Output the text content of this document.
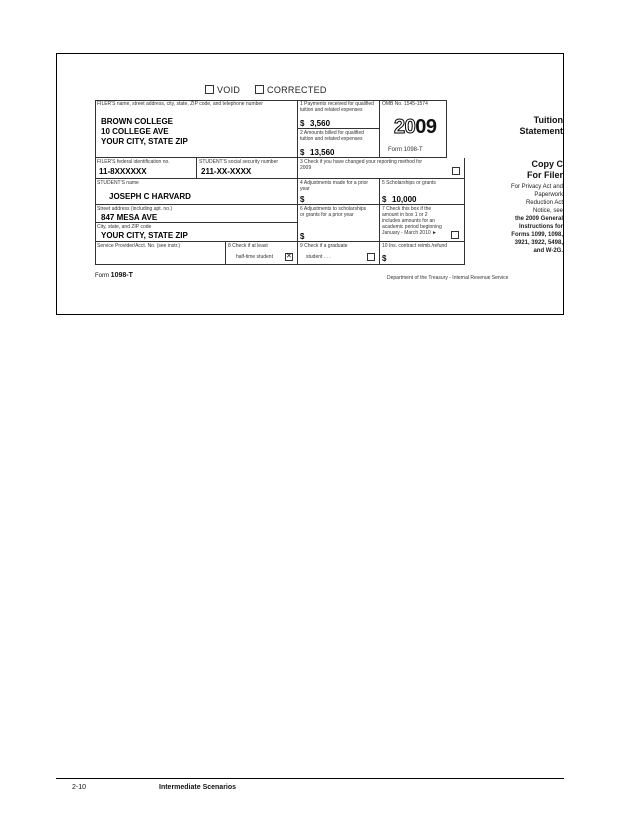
VOID	CORRECTED
FILER'S name, street address, city, state, ZIP code, and telephone number
BROWN COLLEGE
10 COLLEGE AVE
YOUR CITY, STATE ZIP
1 Payments received for qualified tuition and related expenses
$ 3,560
2 Amounts billed for qualified tuition and related expenses
$ 13,560
OMB No. 1545-1574
2009
Form 1098-T
Tuition
Statement
FILER'S federal identification no.
11-8XXXXXX
STUDENT'S social security number
211-XX-XXXX
3 Check if you have changed your reporting method for 2009	Copy C
For Filer
STUDENT'S name
JOSEPH C HARVARD
4 Adjustments made for a prior year
$
5 Scholarships or grants
$ 10,000
Street address (including apt. no.)
847 MESA AVE
City, state, and ZIP code
YOUR CITY, STATE ZIP
6 Adjustments to scholarships or grants for a prior year
$
7 Check this box if the amount in box 1 or 2 includes amounts for an academic period beginning January - March 2010 ►
Service Provider/Acct. No. (see instr.)	8 Check if at least
half-time student
✕
9 Check if a graduate
student . . .
10 Ins. contract reimb./refund
$
For Privacy Act and
Paperwork
Reduction Act
Notice, see
the 2009 General
Instructions for
Forms 1099, 1098,
3921, 3922, 5498,
and W-2G.
Form 1098-T	Department of the Treasury - Internal Revenue Service
2-10	Intermediate Scenarios
